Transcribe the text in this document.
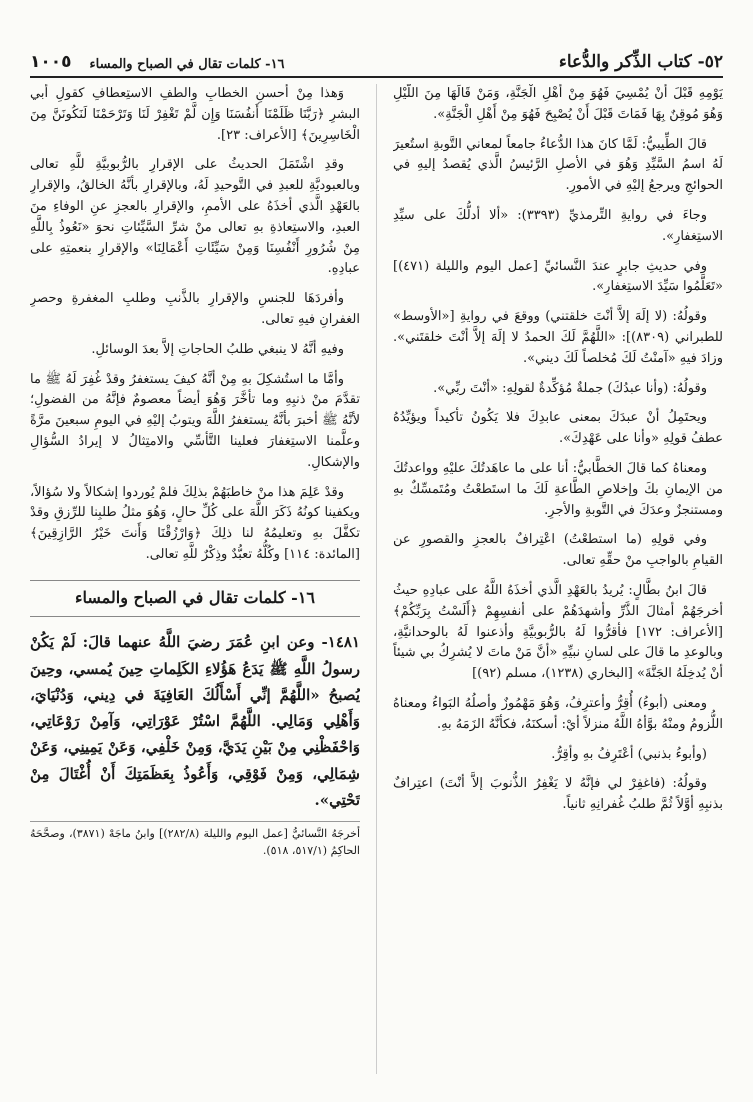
٥٢- كتاب الذِّكر والدُّعاء
١٦- كلمات تقال في الصباح والمساء
١٠٠٥

يَوْمِهِ قَبْلَ أَنْ يُمْسِيَ فَهُوَ مِنْ أَهْلِ الْجَنَّةِ، وَمَنْ قَالَهَا مِنَ اللَّيْلِ وَهُوَ مُوقِنٌ بِهَا فَمَاتَ قَبْلَ أَنْ يُصْبِحَ فَهُوَ مِنْ أَهْلِ الْجَنَّةِ».

قالَ الطِّيبيُّ: لَمَّا كانَ هذا الدُّعاءُ جامعاً لمعاني التَّوبةِ استُعيرَ لَهُ اسمُ السَّيِّدِ وَهُوَ في الأصلِ الرَّئيسُ الَّذي يُقصدُ إليهِ في الحوائجِ ويرجعُ إليْهِ في الأمورِ.

وجاءَ في روايةِ التِّرمذيِّ (٣٣٩٣): «ألا أدلُّكَ على سيِّدِ الاستِغفارِ».

وفي حديثِ جابرٍ عندَ النَّسائيِّ [عمل اليوم والليلة (٤٧١)] «تَعَلَّمُوا سَيِّدَ الاستِغفارِ».

وقولُهُ: (لا إلَهَ إلاَّ أنْتَ خلقتني) ووقعَ في روايةِ [«الأوسط» للطبراني (٨٣٠٩)]: «اللَّهُمَّ لَكَ الحمدُ لا إلَهَ إلاَّ أنْتَ خلقتَني». وزادَ فيهِ «آمنْتُ لَكَ مُخلصاً لَكَ ديني».

وقولُهُ: (وأنا عبدُكَ) جملةٌ مُؤكِّدةٌ لقولِهِ: «أنْتَ ربِّي».

ويحتَمِلُ أنْ عبدَكَ بمعنى عابدِكَ فلا يَكُونُ تأكيداً ويؤيِّدُهُ عطفُ قولِهِ «وأنا على عَهْدِكَ».

ومعناهُ كما قالَ الخطَّابيُّ: أنا على ما عاهَدتُكَ عليْهِ وواعدتُكَ من الإيمانِ بكَ وإخلاصِ الطَّاعةِ لَكَ ما استَطعْتُ ومُتَمسِّكٌ بهِ ومستنجزٌ وعدَكَ في التَّوبةِ والأجرِ.

وفي قولِهِ (ما استطعْتُ) اعْتِرافٌ بالعجزِ والقصورِ عن القيامِ بالواجبِ منْ حقِّهِ تعالى.

قالَ ابنُ بطَّالٍ: يُريدُ بالعَهْدِ الَّذي أخذَهُ اللَّهُ على عبادِهِ حيثُ أخرجَهُمْ أمثالَ الذَّرِّ وأشهدَهُمْ على أنفسِهِمْ ﴿أَلَسْتُ بِرَبِّكُمْ﴾ [الأعراف: ١٧٢] فأقرُّوا لَهُ بالرُّبوبيَّةِ وأذعنوا لَهُ بالوحدانيَّةِ، وبالوعدِ ما قالَ على لسانِ نبيِّهِ «أنَّ مَنْ ماتَ لا يُشرِكُ بي شيئاً أنْ يُدخِلَهُ الجَنَّةَ» [البخاري (١٢٣٨)، مسلم (٩٢)]

ومعنى (أبوءُ) أُقِرُّ وأعترِفُ، وَهُوَ مَهْمُوزٌ وأصلُهُ البَواءُ ومعناهُ اللُّزومُ ومنْهُ بوَّأهُ اللَّهُ منزلاً أيْ: أسكنَهُ، فكأنَّهُ الزَمَهُ بهِ.

(وأبوءُ بذنبي) أعْتَرِفُ بهِ وأقِرُّ.

وقولُهُ: (فاغفِرْ لي فإنَّهُ لا يَغْفِرُ الذُّنوبَ إلاَّ أنْتَ) اعتِرافٌ بذنبِهِ أوَّلاً ثُمَّ طلبُ غُفرانِهِ ثانياً.

وَهذا مِنْ أحسنِ الخطابِ والطفِ الاستِعطافِ كقولِ أبي البشرِ ﴿رَبَّنَا ظَلَمْنَا أَنفُسَنَا وَإِن لَّمْ تَغْفِرْ لَنَا وَتَرْحَمْنَا لَنَكُونَنَّ مِنَ الْخَاسِرِينَ﴾ [الأعراف: ٢٣].

وقدِ اشْتَمَلَ الحديثُ على الإقرارِ بالرُّبوبيَّةِ للَّهِ تعالى وبالعبوديَّةِ للعبدِ في التَّوحيدِ لَهُ، وبالإقرارِ بأنَّهُ الخالقُ، والإقرارِ بالعَهْدِ الَّذي أخذَهُ على الأممِ، والإقرارِ بالعجزِ عنِ الوفاءِ منَ العبدِ، والاستِعاذةِ بهِ تعالى منْ شرِّ السَّيِّئاتِ نحوَ «نَعُوذُ بِاللَّهِ مِنْ شُرُورِ أَنْفُسِنَا وَمِنْ سَيِّئَاتِ أَعْمَالِنَا» والإقرارِ بنعمتِهِ على عبادِهِ.

وأفردَهَا للجنسِ والإقرارِ بالذَّنبِ وطلبِ المغفرةِ وحصرِ الغفرانِ فيهِ تعالى.

وفيهِ أنَّهُ لا ينبغي طلبُ الحاجاتِ إلاَّ بعدَ الوسائلِ.

وأمَّا ما استُشكِلَ بهِ مِنْ أنَّهُ كيفَ يستغفرُ وقدْ غُفِرَ لَهُ ﷺ ما تقدَّمَ منْ ذنبِهِ وما تأخَّرَ وَهُوَ أيضاً معصومٌ فإنَّهُ من الفضولِ؛ لأنَّهُ ﷺ أخبرَ بأنَّهُ يستغفرُ اللَّهَ ويتوبُ إليْهِ في اليومِ سبعينَ مرَّةً وعلَّمنا الاستِغفارَ فعلينا التَّأسِّي والامتِثالُ لا إيرادُ السُّؤالِ والإشكالِ.

وقدْ عَلِمَ هذا منْ خاطبَهُمْ بذلِكَ فلمْ يُوردوا إشكالاً ولا سُؤالاً، ويكفينا كونُهُ ذَكَرَ اللَّهَ على كُلِّ حالٍ، وَهُوَ مثلُ طلبِنا للرِّزقِ وقدْ تكفَّلَ بهِ وتعليمُهُ لنا ذلِكَ ﴿وَارْزُقْنَا وَأَنتَ خَيْرُ الرَّازِقِينَ﴾ [المائدة: ١١٤] وكُلُّهُ تعبُّدٌ وذِكْرٌ للَّهِ تعالى.

١٦- كلمات تقال في الصباح والمساء

١٤٨١- وعن ابنِ عُمَرَ رضيَ اللَّهُ عنهما قالَ: لَمْ يَكُنْ رسولُ اللَّهِ ﷺ يَدَعُ هَؤُلاءِ الكَلِماتِ حِينَ يُمسي، وحِينَ يُصبحُ «اللَّهُمَّ إنِّي أَسْأَلُكَ العَافِيَةَ في دِيني، وَدُنْيَايَ، وَأَهْلِي وَمَالِي. اللَّهُمَّ اسْتُرْ عَوْرَاتِي، وَآمِنْ رَوْعَاتِي، وَاحْفَظْنِي مِنْ بَيْنِ يَدَيَّ، وَمِنْ خَلْفِي، وَعَنْ يَمِينِي، وَعَنْ شِمَالِي، وَمِنْ فَوْقِي، وَأَعُوذُ بِعَظَمَتِكَ أَنْ أُغْتَالَ مِنْ تَحْتِي».

أخرجَهُ النَّسائيُّ [عمل اليوم والليلة (٢٨٢/٨)] وابنُ ماجَهْ (٣٨٧١)، وصحَّحَهُ الحاكِمُ (٥١٧/١، ٥١٨).
